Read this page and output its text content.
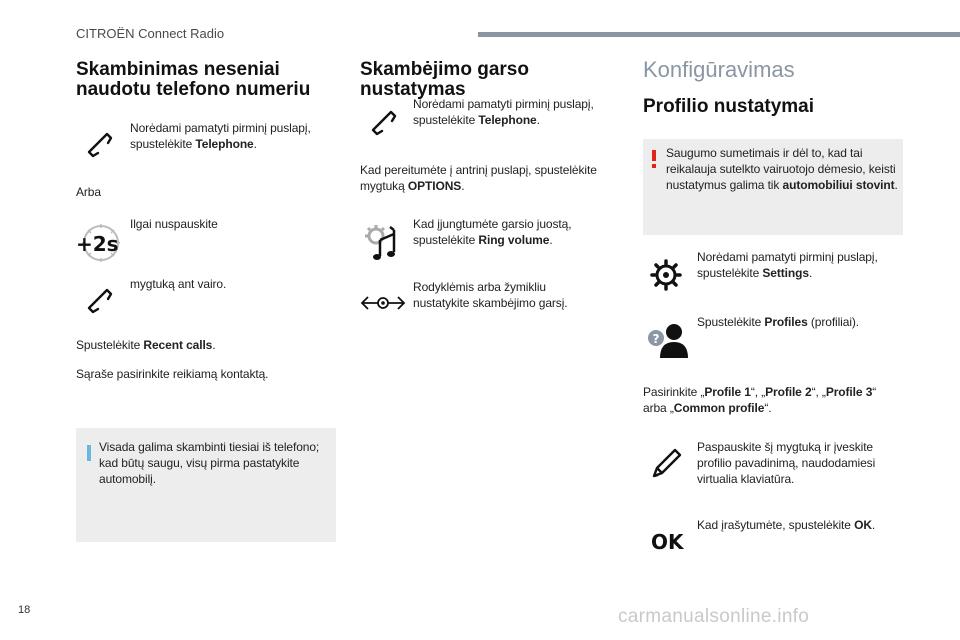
CITROËN Connect Radio
Skambinimas neseniai naudotu telefono numeriu
Norėdami pamatyti pirminį puslapį, spustelėkite Telephone.
Arba
+2s
Ilgai nuspauskite
mygtuką ant vairo.
Spustelėkite Recent calls.
Sąraše pasirinkite reikiamą kontaktą.
Visada galima skambinti tiesiai iš telefono; kad būtų saugu, visų pirma pastatykite automobilį.
Skambėjimo garso nustatymas
Norėdami pamatyti pirminį puslapį, spustelėkite Telephone.
Kad pereitumėte į antrinį puslapį, spustelėkite mygtuką OPTIONS.
Kad įjungtumėte garsio juostą, spustelėkite Ring volume.
Rodyklėmis arba žymikliu nustatykite skambėjimo garsį.
Konfigūravimas
Profilio nustatymai
Saugumo sumetimais ir dėl to, kad tai reikalauja sutelkto vairuotojo dėmesio, keisti nustatymus galima tik automobiliui stovint.
Norėdami pamatyti pirminį puslapį, spustelėkite Settings.
?
Spustelėkite Profiles (profiliai).
Pasirinkite „Profile 1“, „Profile 2“, „Profile 3“ arba „Common profile“.
Paspauskite šį mygtuką ir įveskite profilio pavadinimą, naudodamiesi virtualia klaviatūra.
OK
Kad įrašytumėte, spustelėkite OK.
18	carmanualsonline.info
